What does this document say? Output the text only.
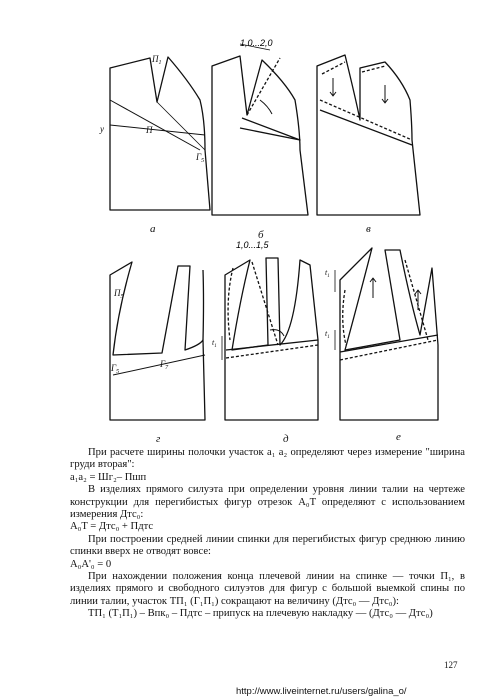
$П_1$
y	П
$Г_5$
$П_5$
$Г_5$
$Г_7$
$t_1$
$t_1$
$t_1$
1,0...2,0
1,0...1,5
а	б	в
г	д	е

При расчете ширины полочки участок a₁ a₂ определяют через измерение "ширина груди вторая":

a₁a₂ = Шг₂– Пшп

В изделиях прямого силуэта при определении уровня линии талии на чертеже конструкции для перегибистых фигур отрезок A₀T определяют с использованием измерения Дтс₀:

A₀T = Дтс₀ + Пдтс

При построении средней линии спинки для перегибистых фигур среднюю линию спинки вверх не отводят вовсе:

A₀A'₀ = 0

При нахождении положения конца плечевой линии на спинке — точки П₁, в изделиях прямого и свободного силуэтов для фигур с большой выемкой спины по линии талии, участок ТП₁ (Г₁П₁) сокращают на величину (Дтс₀ — Дтс₀):

ТП₁ (Т₁П₁) – Впк₀ – Пдтс – припуск на плечевую накладку — (Дтс₀ — Дтс₀)

127
http://www.liveinternet.ru/users/galina_o/
